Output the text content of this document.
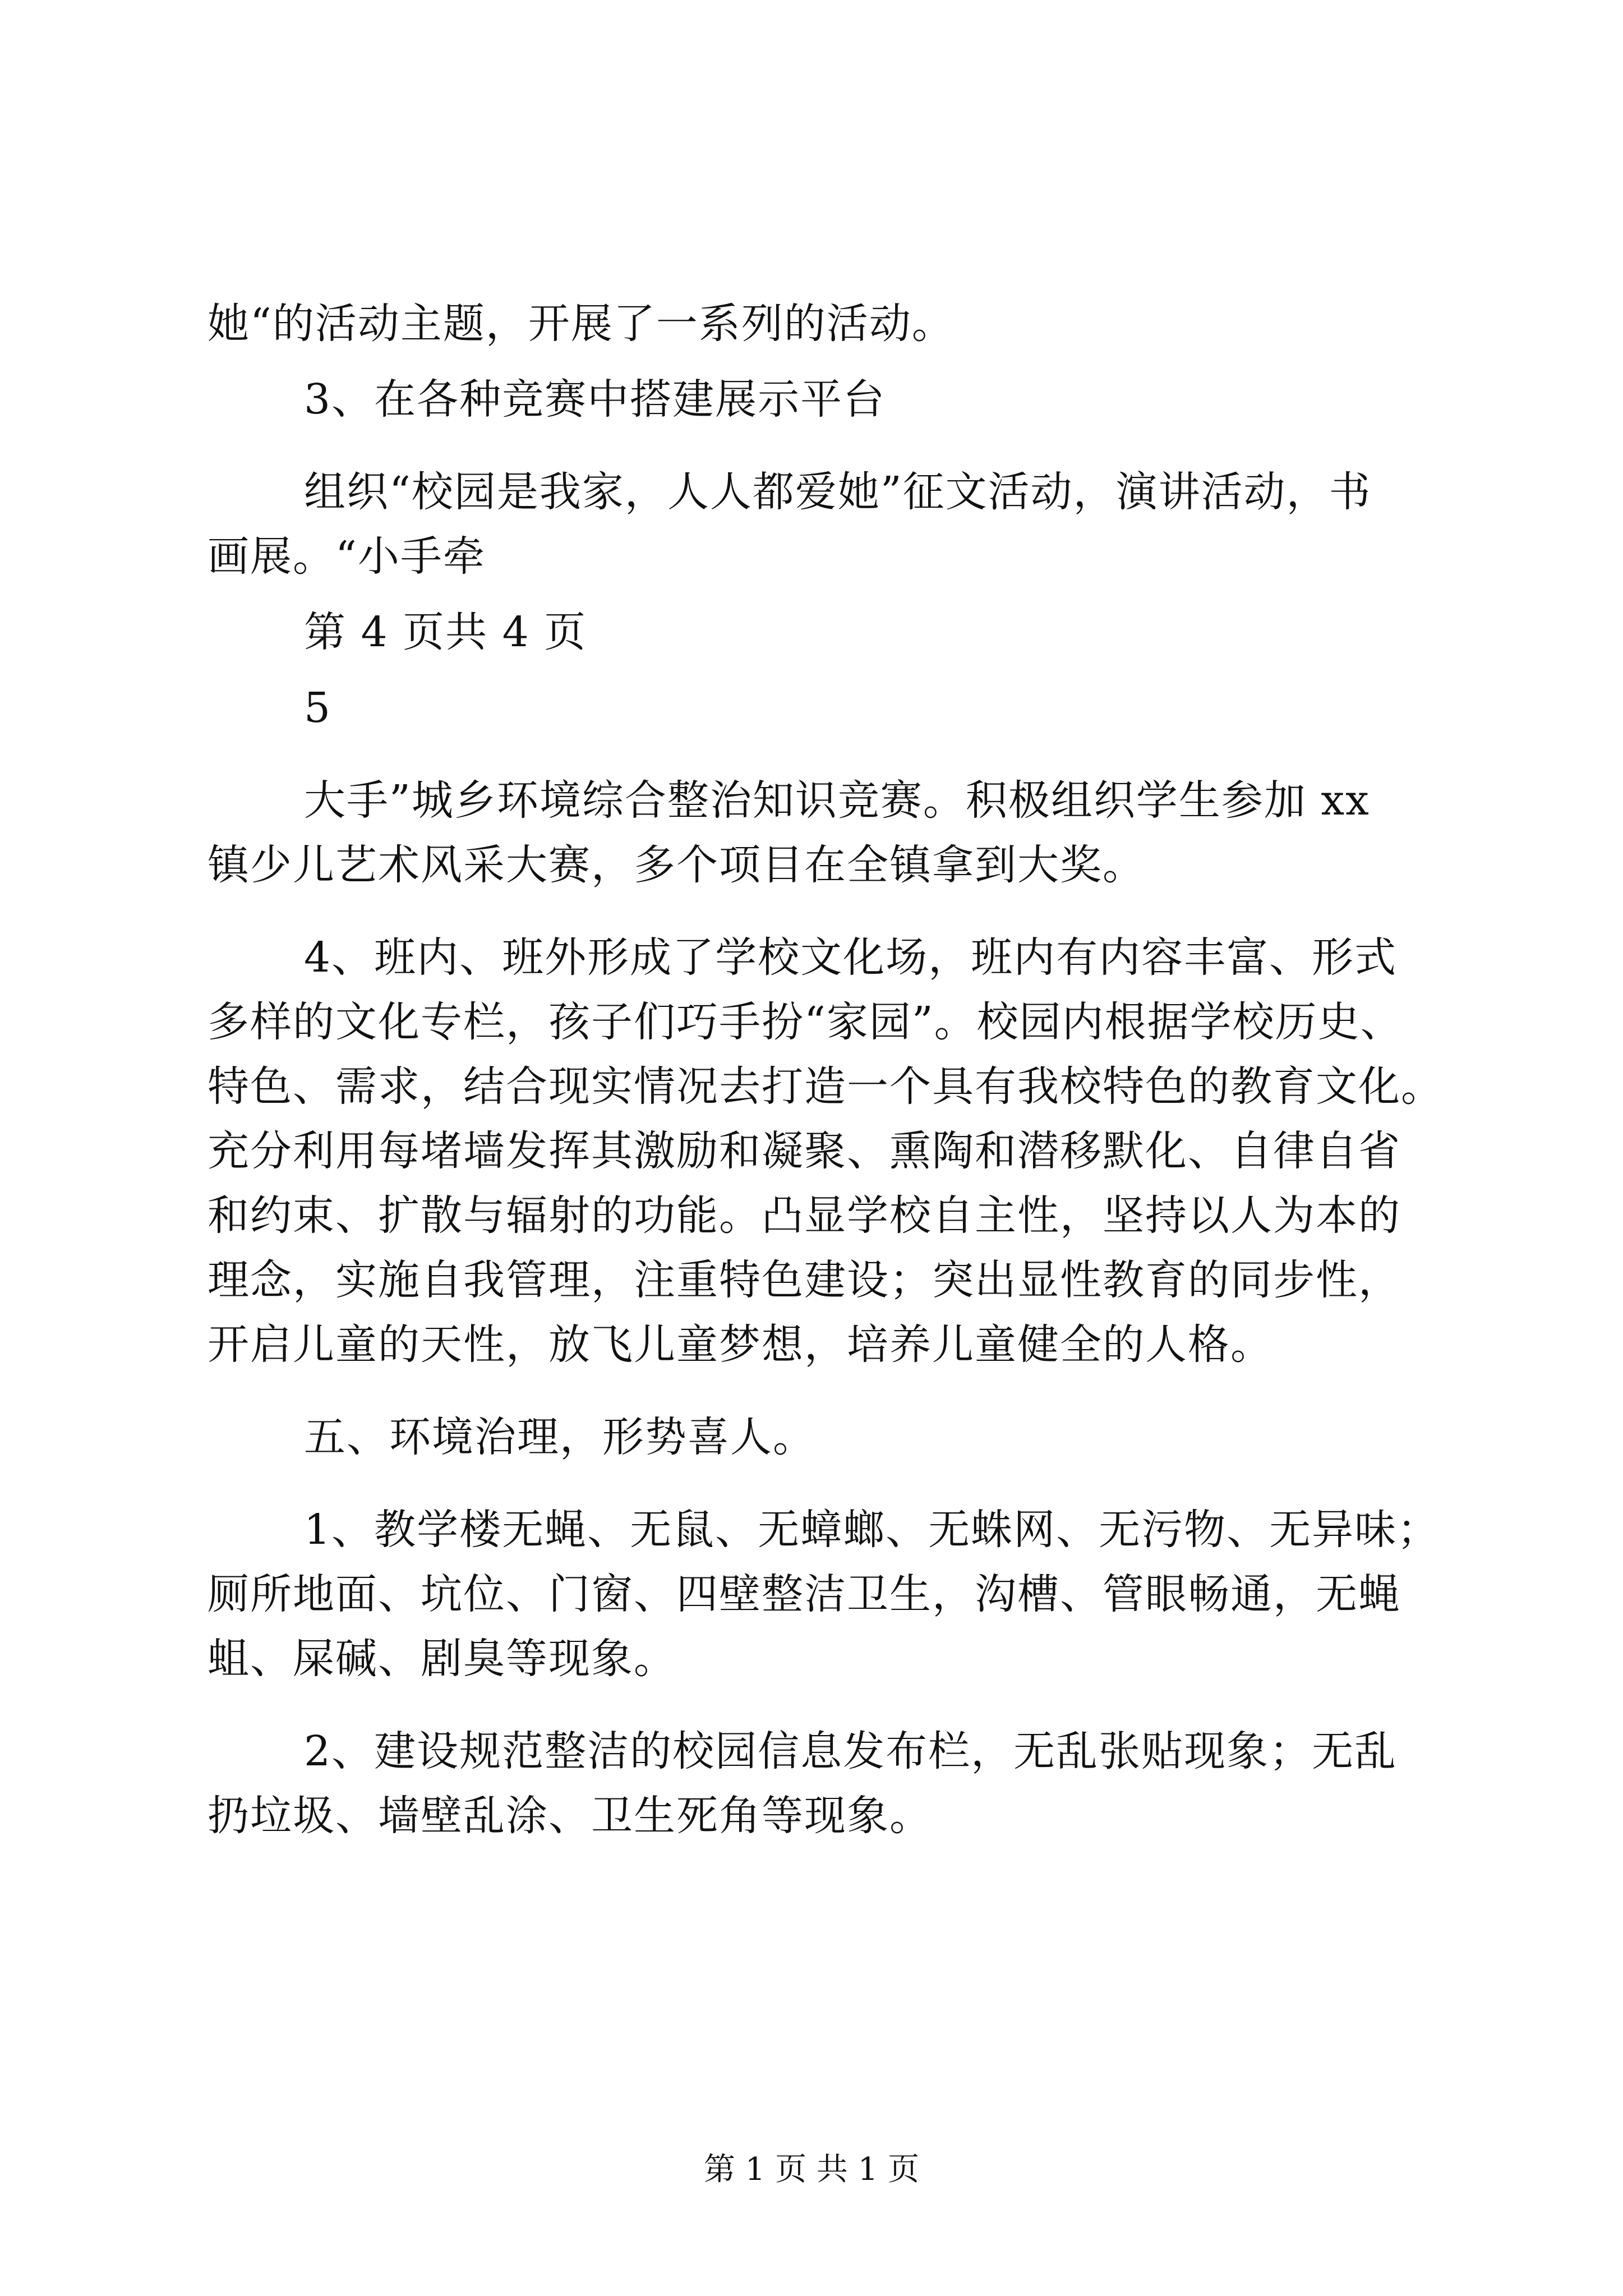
她“的活动主题，开展了一系列的活动。
3、在各种竞赛中搭建展示平台
组织“校园是我家，人人都爱她”征文活动，演讲活动，书
画展。“小手牵
第 4 页共 4 页
5
大手”城乡环境综合整治知识竞赛。积极组织学生参加 xx
镇少儿艺术风采大赛，多个项目在全镇拿到大奖。
4、班内、班外形成了学校文化场，班内有内容丰富、形式
多样的文化专栏，孩子们巧手扮“家园”。校园内根据学校历史、
特色、需求，结合现实情况去打造一个具有我校特色的教育文化。
充分利用每堵墙发挥其激励和凝聚、熏陶和潜移默化、自律自省
和约束、扩散与辐射的功能。凸显学校自主性，坚持以人为本的
理念，实施自我管理，注重特色建设；突出显性教育的同步性，
开启儿童的天性，放飞儿童梦想，培养儿童健全的人格。
五、环境治理，形势喜人。
1、教学楼无蝇、无鼠、无蟑螂、无蛛网、无污物、无异味；
厕所地面、坑位、门窗、四壁整洁卫生，沟槽、管眼畅通，无蝇
蛆、屎碱、剧臭等现象。
2、建设规范整洁的校园信息发布栏，无乱张贴现象；无乱
扔垃圾、墙壁乱涂、卫生死角等现象。
第 1 页 共 1 页
